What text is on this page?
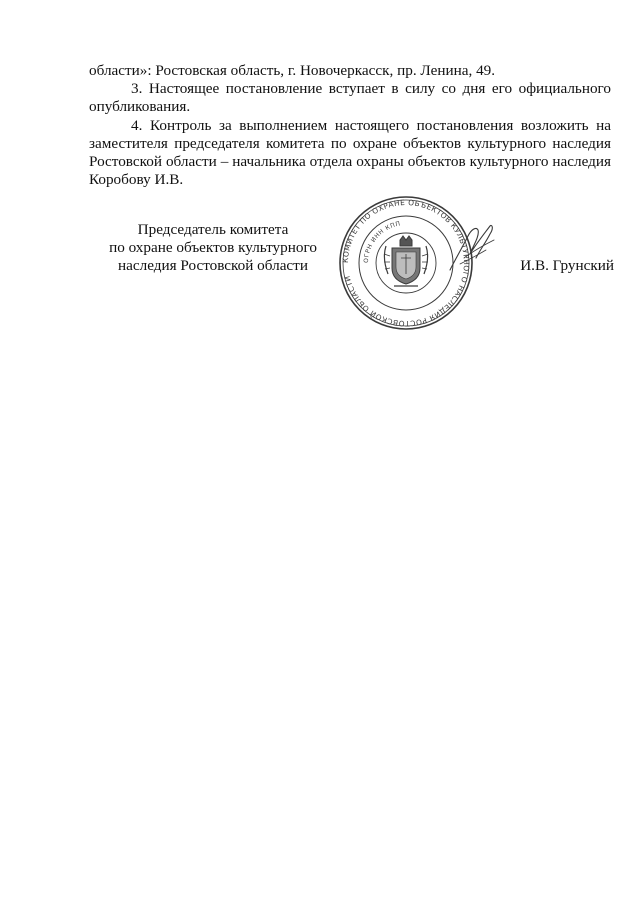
области»: Ростовская область, г. Новочеркасск, пр. Ленина, 49.

3. Настоящее постановление вступает в силу со дня его официального опубликования.

4. Контроль за выполнением настоящего постановления возложить на заместителя председателя комитета по охране объектов культурного наследия Ростовской области – начальника отдела охраны объектов культурного наследия Коробову И.В.

Председатель комитета
по охране объектов культурного
наследия Ростовской области	КОМИТЕТ ПО ОХРАНЕ ОБЪЕКТОВ КУЛЬТУРНОГО НАСЛЕДИЯ РОСТОВСКОЙ ОБЛАСТИ
ОГРН ИНН КПП
И.В. Грунский
